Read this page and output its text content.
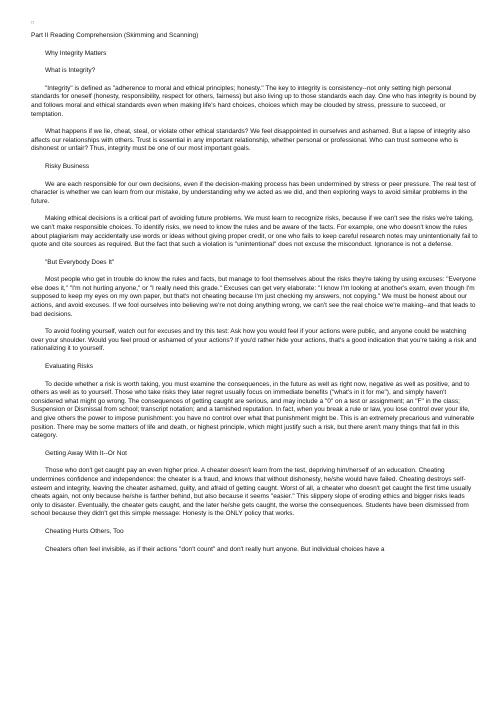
□
Part II Reading Comprehension (Skimming and Scanning)
Why Integrity Matters
What is Integrity?

"Integrity" is defined as "adherence to moral and ethical principles; honesty." The key to integrity is consistency--not only setting high personal standards for oneself (honesty, responsibility, respect for others, fairness) but also living up to those standards each day. One who has integrity is bound by and follows moral and ethical standards even when making life's hard choices, choices which may be clouded by stress, pressure to succeed, or temptation.

What happens if we lie, cheat, steal, or violate other ethical standards? We feel disappointed in ourselves and ashamed. But a lapse of integrity also affects our relationships with others. Trust is essential in any important relationship, whether personal or professional. Who can trust someone who is dishonest or unfair? Thus, integrity must be one of our most important goals.

Risky Business

We are each responsible for our own decisions, even if the decision-making process has been undermined by stress or peer pressure. The real test of character is whether we can learn from our mistake, by understanding why we acted as we did, and then exploring ways to avoid similar problems in the future.

Making ethical decisions is a critical part of avoiding future problems. We must learn to recognize risks, because if we can't see the risks we're taking, we can't make responsible choices. To identify risks, we need to know the rules and be aware of the facts. For example, one who doesn't know the rules about plagiarism may accidentally use words or ideas without giving proper credit, or one who fails to keep careful research notes may unintentionally fail to quote and cite sources as required. But the fact that such a violation is "unintentional" does not excuse the misconduct. Ignorance is not a defense.

"But Everybody Does It"

Most people who get in trouble do know the rules and facts, but manage to fool themselves about the risks they're taking by using excuses: "Everyone else does it," "I'm not hurting anyone," or "I really need this grade." Excuses can get very elaborate: "I know I'm looking at another's exam, even though I'm supposed to keep my eyes on my own paper, but that's not cheating because I'm just checking my answers, not copying." We must be honest about our actions, and avoid excuses. If we fool ourselves into believing we're not doing anything wrong, we can't see the real choice we're making--and that leads to bad decisions.

To avoid fooling yourself, watch out for excuses and try this test: Ask how you would feel if your actions were public, and anyone could be watching over your shoulder. Would you feel proud or ashamed of your actions? If you'd rather hide your actions, that's a good indication that you're taking a risk and rationalizing it to yourself.

Evaluating Risks

To decide whether a risk is worth taking, you must examine the consequences, in the future as well as right now, negative as well as positive, and to others as well as to yourself. Those who take risks they later regret usually focus on immediate benefits ("what's in it for me"), and simply haven't considered what might go wrong. The consequences of getting caught are serious, and may include a "0" on a test or assignment; an "F" in the class; Suspension or Dismissal from school; transcript notation; and a tarnished reputation. In fact, when you break a rule or law, you lose control over your life, and give others the power to impose punishment: you have no control over what that punishment might be. This is an extremely precarious and vulnerable position. There may be some matters of life and death, or highest principle, which might justify such a risk, but there aren't many things that fall in this category.

Getting Away With It--Or Not

Those who don't get caught pay an even higher price. A cheater doesn't learn from the test, depriving him/herself of an education. Cheating undermines confidence and independence: the cheater is a fraud, and knows that without dishonesty, he/she would have failed. Cheating destroys self-esteem and integrity, leaving the cheater ashamed, guilty, and afraid of getting caught. Worst of all, a cheater who doesn't get caught the first time usually cheats again, not only because he/she is farther behind, but also because it seems "easier." This slippery slope of eroding ethics and bigger risks leads only to disaster. Eventually, the cheater gets caught, and the later he/she gets caught, the worse the consequences. Students have been dismissed from school because they didn't get this simple message: Honesty is the ONLY policy that works.

Cheating Hurts Others, Too

Cheaters often feel invisible, as if their actions "don't count" and don't really hurt anyone. But individual choices have a
